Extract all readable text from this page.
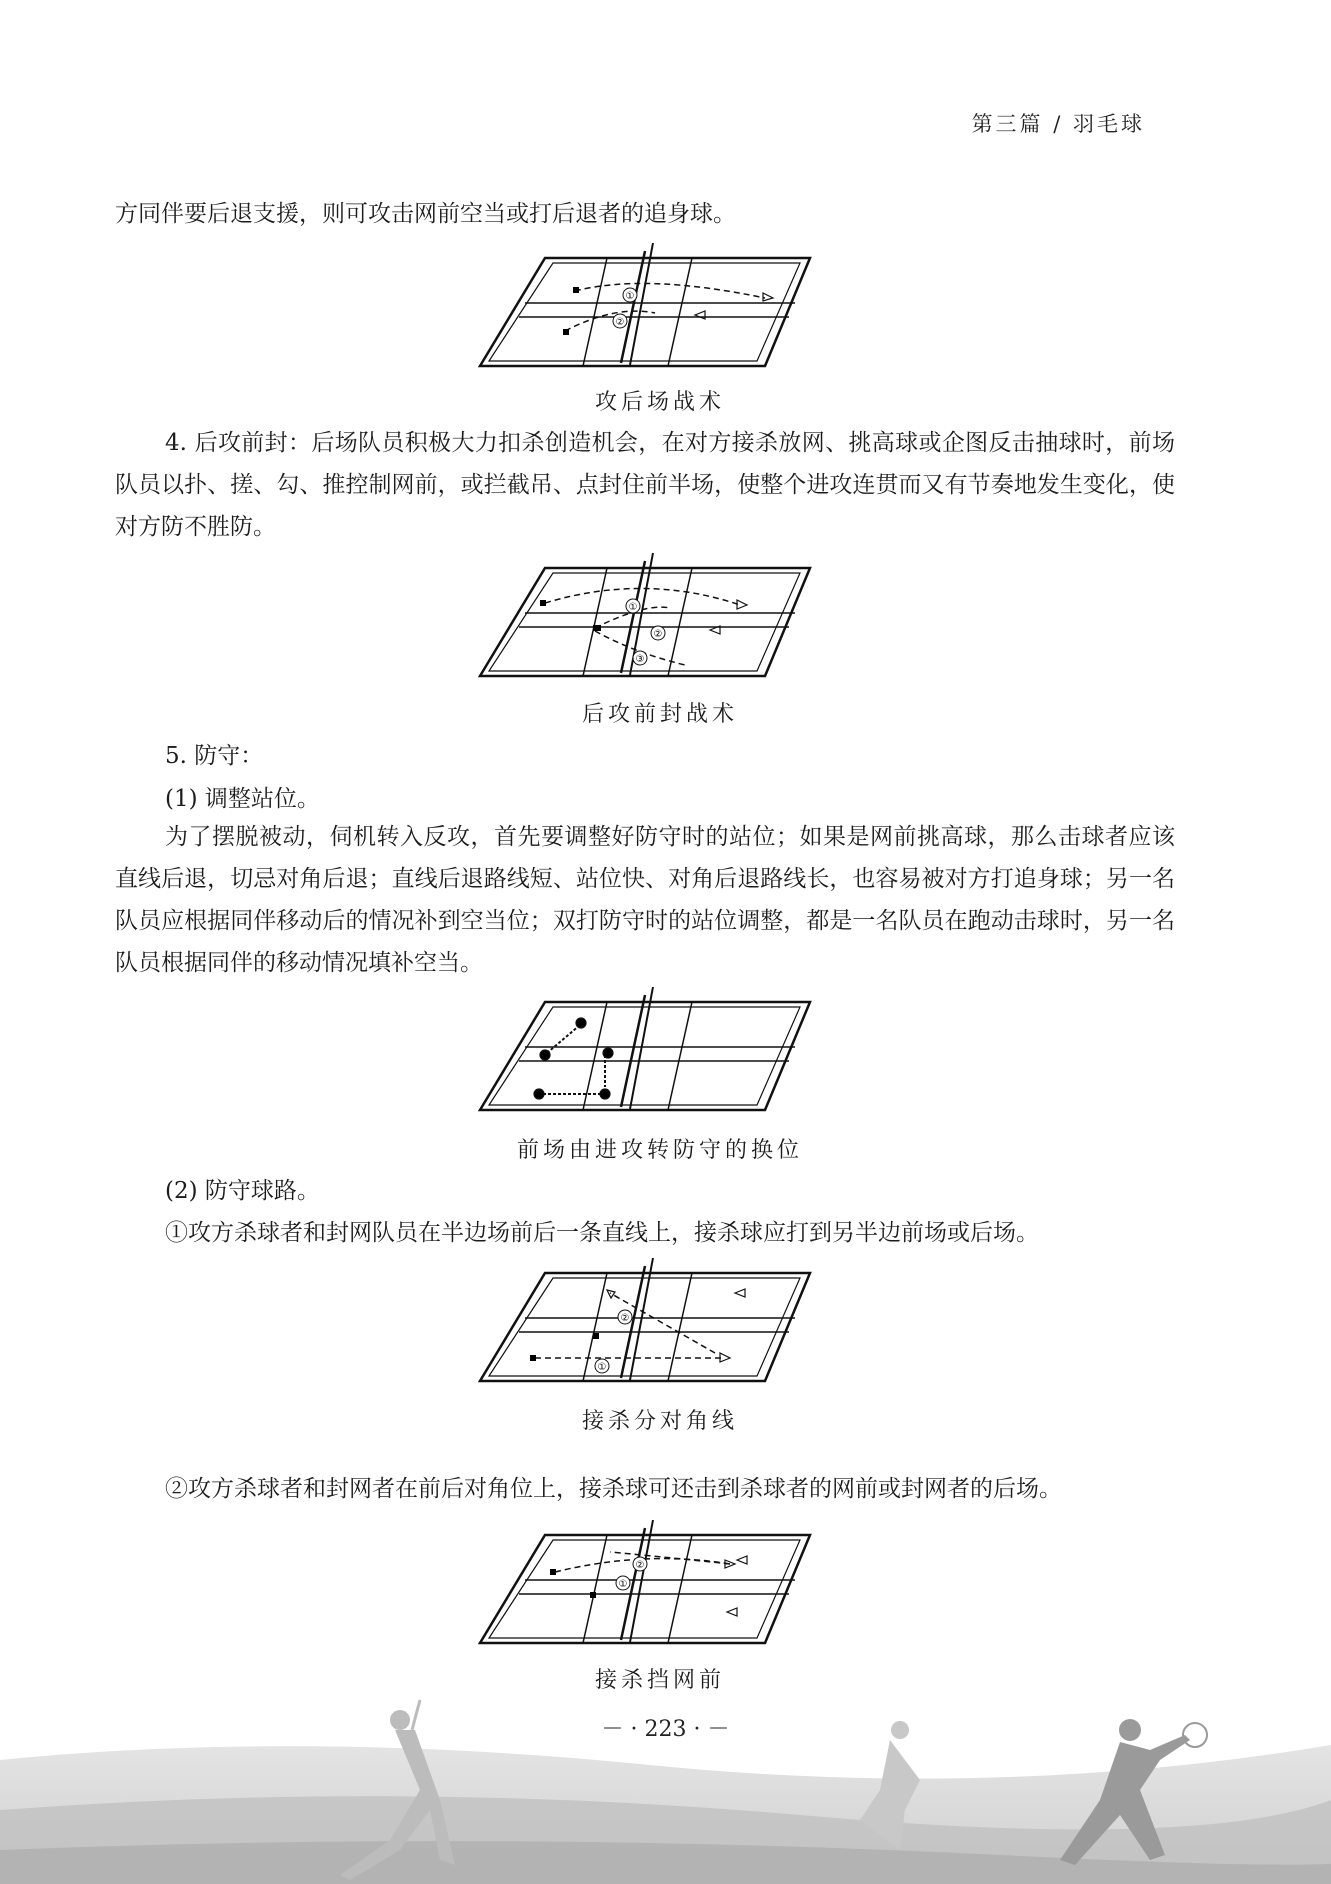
第三篇 / 羽毛球

方同伴要后退支援，则可攻击网前空当或打后退者的追身球。

①
②
攻后场战术

4. 后攻前封：后场队员积极大力扣杀创造机会，在对方接杀放网、挑高球或企图反击抽球时，前场队员以扑、搓、勾、推控制网前，或拦截吊、点封住前半场，使整个进攻连贯而又有节奏地发生变化，使对方防不胜防。

①
②
③
后攻前封战术
5. 防守：
(1) 调整站位。

为了摆脱被动，伺机转入反攻，首先要调整好防守时的站位；如果是网前挑高球，那么击球者应该直线后退，切忌对角后退；直线后退路线短、站位快、对角后退路线长，也容易被对方打追身球；另一名队员应根据同伴移动后的情况补到空当位；双打防守时的站位调整，都是一名队员在跑动击球时，另一名队员根据同伴的移动情况填补空当。

前场由进攻转防守的换位
(2) 防守球路。
①攻方杀球者和封网队员在半边场前后一条直线上，接杀球应打到另半边前场或后场。
②
①
接杀分对角线
②攻方杀球者和封网者在前后对角位上，接杀球可还击到杀球者的网前或封网者的后场。
②
①
接杀挡网前
－ · 223 · －
